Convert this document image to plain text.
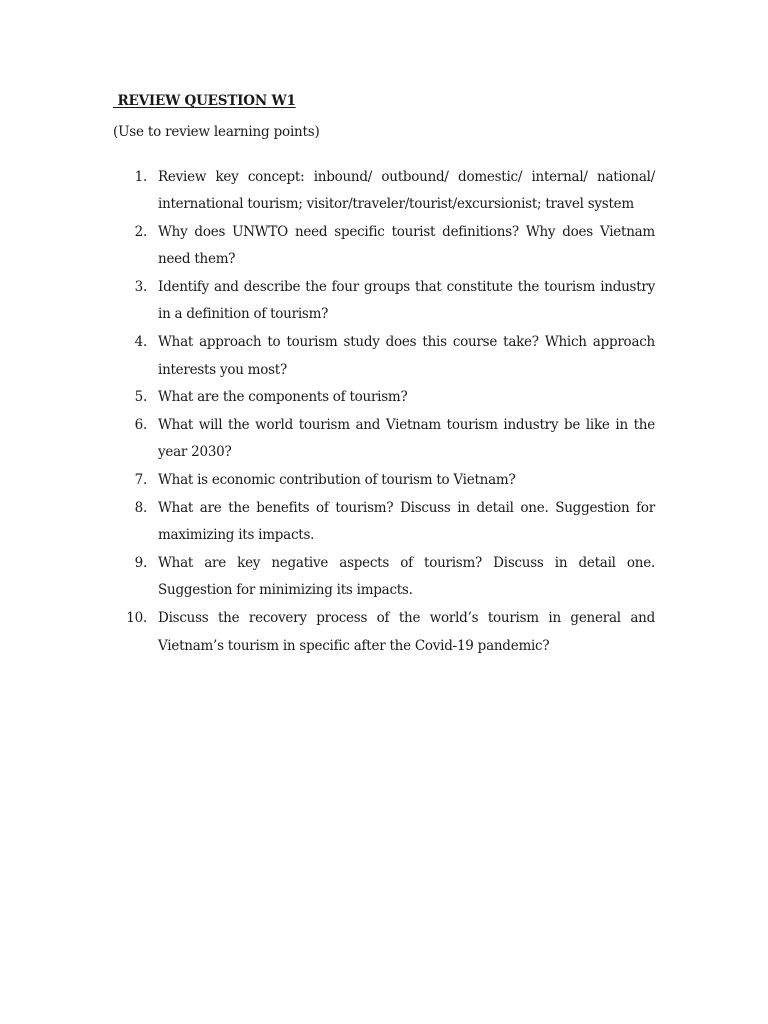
REVIEW QUESTION W1
(Use to review learning points)
1. Review key concept: inbound/ outbound/ domestic/ internal/ national/ international tourism; visitor/traveler/tourist/excursionist; travel system
2. Why does UNWTO need specific tourist definitions? Why does Vietnam need them?
3. Identify and describe the four groups that constitute the tourism industry in a definition of tourism?
4. What approach to tourism study does this course take? Which approach interests you most?
5. What are the components of tourism?
6. What will the world tourism and Vietnam tourism industry be like in the year 2030?
7. What is economic contribution of tourism to Vietnam?
8. What are the benefits of tourism? Discuss in detail one. Suggestion for maximizing its impacts.
9. What are key negative aspects of tourism? Discuss in detail one. Suggestion for minimizing its impacts.
10. Discuss the recovery process of the world’s tourism in general and Vietnam’s tourism in specific after the Covid-19 pandemic?
